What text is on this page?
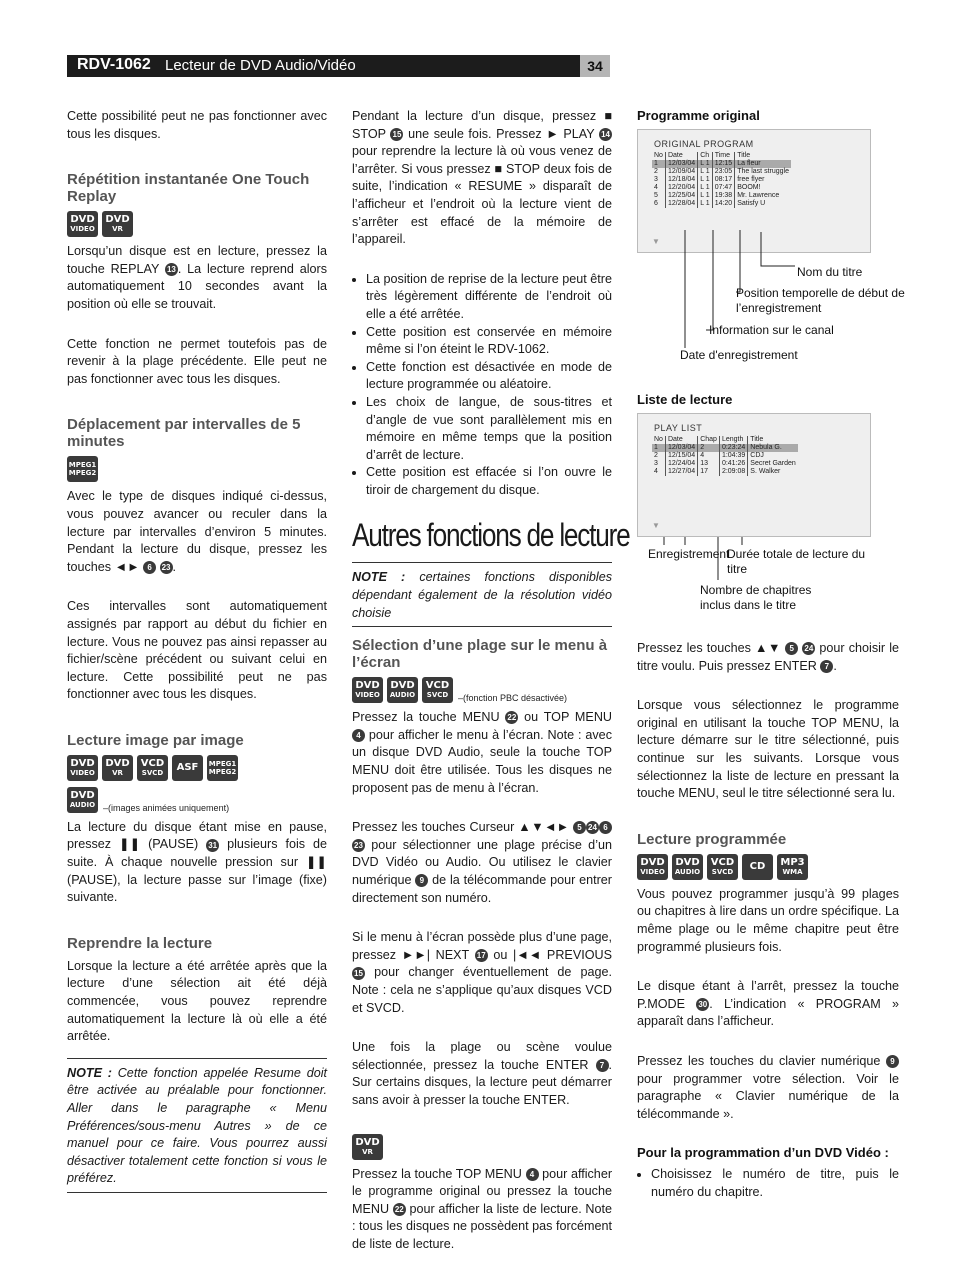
RDV-1062 Lecteur de DVD Audio/Vidéo	34

Cette possibilité peut ne pas fonctionner avec tous les disques.

Répétition instantanée One Touch Replay
DVD
VIDEO
DVD
VR

Lorsqu’un disque est en lecture, pressez la touche REPLAY 13 . La lecture reprend alors automatiquement 10 secondes avant la position où elle se trouvait.

Cette fonction ne permet toutefois pas de revenir à la plage précédente. Elle peut ne pas fonctionner avec tous les disques.

Déplacement par intervalles de 5 minutes
MPEG1
MPEG2

Avec le type de disques indiqué ci-dessus, vous pouvez avancer ou reculer dans la lecture par intervalles d’environ 5 minutes. Pendant la lecture du disque, pressez les touches ◄► 6 23 .

Ces intervalles sont automatiquement assignés par rapport au début du fichier en lecture. Vous ne pouvez pas ainsi repasser au fichier/scène précédent ou suivant celui en lecture. Cette possibilité peut ne pas fonctionner avec tous les disques.

Lecture image par image
DVD
VIDEO
DVD
VR
VCD
SVCD ASF MPEG1
MPEG2
DVD
AUDIO –(images animées uniquement)

La lecture du disque étant mise en pause, pressez ❚❚ (PAUSE) 31 plusieurs fois de suite. À chaque nouvelle pression sur ❚❚ (PAUSE), la lecture passe sur l’image (fixe) suivante.

Reprendre la lecture

Lorsque la lecture a été arrêtée après que la lecture d’une sélection ait été déjà commencée, vous pouvez reprendre automatiquement la lecture là où elle a été arrêtée.

NOTE : Cette fonction appelée Resume doit être activée au préalable pour fonctionner. Aller dans le paragraphe « Menu Préférences/sous-menu Autres » de ce manuel pour ce faire. Vous pourrez aussi désactiver totalement cette fonction si vous le préférez.

Pendant la lecture d’un disque, pressez ■ STOP 15 une seule fois. Pressez ► PLAY 14 pour reprendre la lecture là où vous venez de l’arrêter. Si vous pressez ■ STOP deux fois de suite, l’indication « RESUME » disparaît de l’afficheur et l’endroit où la lecture vient de s’arrêter est effacé de la mémoire de l’appareil.

• La position de reprise de la lecture peut être très légèrement différente de l’endroit où elle a été arrêtée.
• Cette position est conservée en mémoire même si l’on éteint le RDV-1062.
• Cette fonction est désactivée en mode de lecture programmée ou aléatoire.
• Les choix de langue, de sous-titres et d’angle de vue sont parallèlement mis en mémoire en même temps que la position d’arrêt de lecture.
• Cette position est effacée si l’on ouvre le tiroir de chargement du disque.
Autres fonctions de lecture

NOTE : certaines fonctions disponibles dépendant également de la résolution vidéo choisie

Sélection d’une plage sur le menu à l’écran
DVD
VIDEO
DVD
AUDIO
VCD
SVCD –(fonction PBC désactivée)

Pressez la touche MENU 22 ou TOP MENU 4 pour afficher le menu à l’écran. Note : avec un disque DVD Audio, seule la touche TOP MENU doit être utilisée. Tous les disques ne proposent pas de menu à l’écran.

Pressez les touches Curseur ▲▼◄► 5 24 623 pour sélectionner une plage précise d’un DVD Vidéo ou Audio. Ou utilisez le clavier numérique 9 de la télécommande pour entrer directement son numéro.

Si le menu à l’écran possède plus d’une page, pressez ►►| NEXT 17 ou |◄◄ PREVIOUS 15 pour changer éventuellement de page. Note : cela ne s’applique qu’aux disques VCD et SVCD.

Une fois la plage ou scène voulue sélectionnée, pressez la touche ENTER 7 . Sur certains disques, la lecture peut démarrer sans avoir à presser la touche ENTER.

DVD
VR

Pressez la touche TOP MENU 4 pour afficher le programme original ou pressez la touche MENU 22 pour afficher la liste de lecture. Note : tous les disques ne possèdent pas forcément de liste de lecture.

Programme original
ORIGINAL PROGRAM
No	Date	Ch	Time	Title
1	12/03/04	L 1	12:15	La fleur
2	12/09/04	L 1	23:05	The last struggle
3	12/18/04	L 1	08:17	free flyer
4	12/20/04	L 1	07:47	BOOM!
5	12/25/04	L 1	19:38	Mr. Lawrence
6	12/28/04	L 1	14:20	Satisfy U
▼
Nom du titre
Position temporelle de début de l’enregistrement
Information sur le canal
Date d'enregistrement
Liste de lecture
PLAY LIST
No	Date	Chap	Length	Title
1	12/03/04	2	0:23:24	Nebula G.
2	12/15/04	4	1:04:39	CDJ
3	12/24/04	13	0:41:26	Secret Garden
4	12/27/04	17	2:09:08	S. Walker
▼
Enregistrement
Durée totale de lecture du titre
Nombre de chapitres inclus dans le titre

Pressez les touches ▲▼ 5 24 pour choisir le titre voulu. Puis pressez ENTER 7 .

Lorsque vous sélectionnez le programme original en utilisant la touche TOP MENU, la lecture démarre sur le titre sélectionné, puis continue sur les suivants. Lorsque vous sélectionnez la liste de lecture en pressant la touche MENU, seul le titre sélectionné sera lu.

Lecture programmée
DVD
VIDEO
DVD
AUDIO
VCD
SVCD CD MP3
WMA

Vous pouvez programmer jusqu’à 99 plages ou chapitres à lire dans un ordre spécifique. La même plage ou le même chapitre peut être programmé plusieurs fois.

Le disque étant à l’arrêt, pressez la touche P.MODE 30 . L’indication « PROGRAM » apparaît dans l’afficheur.

Pressez les touches du clavier numérique 9 pour programmer votre sélection. Voir le paragraphe « Clavier numérique de la télécommande ».

Pour la programmation d’un DVD Vidéo :
• Choisissez le numéro de titre, puis le numéro du chapitre.
